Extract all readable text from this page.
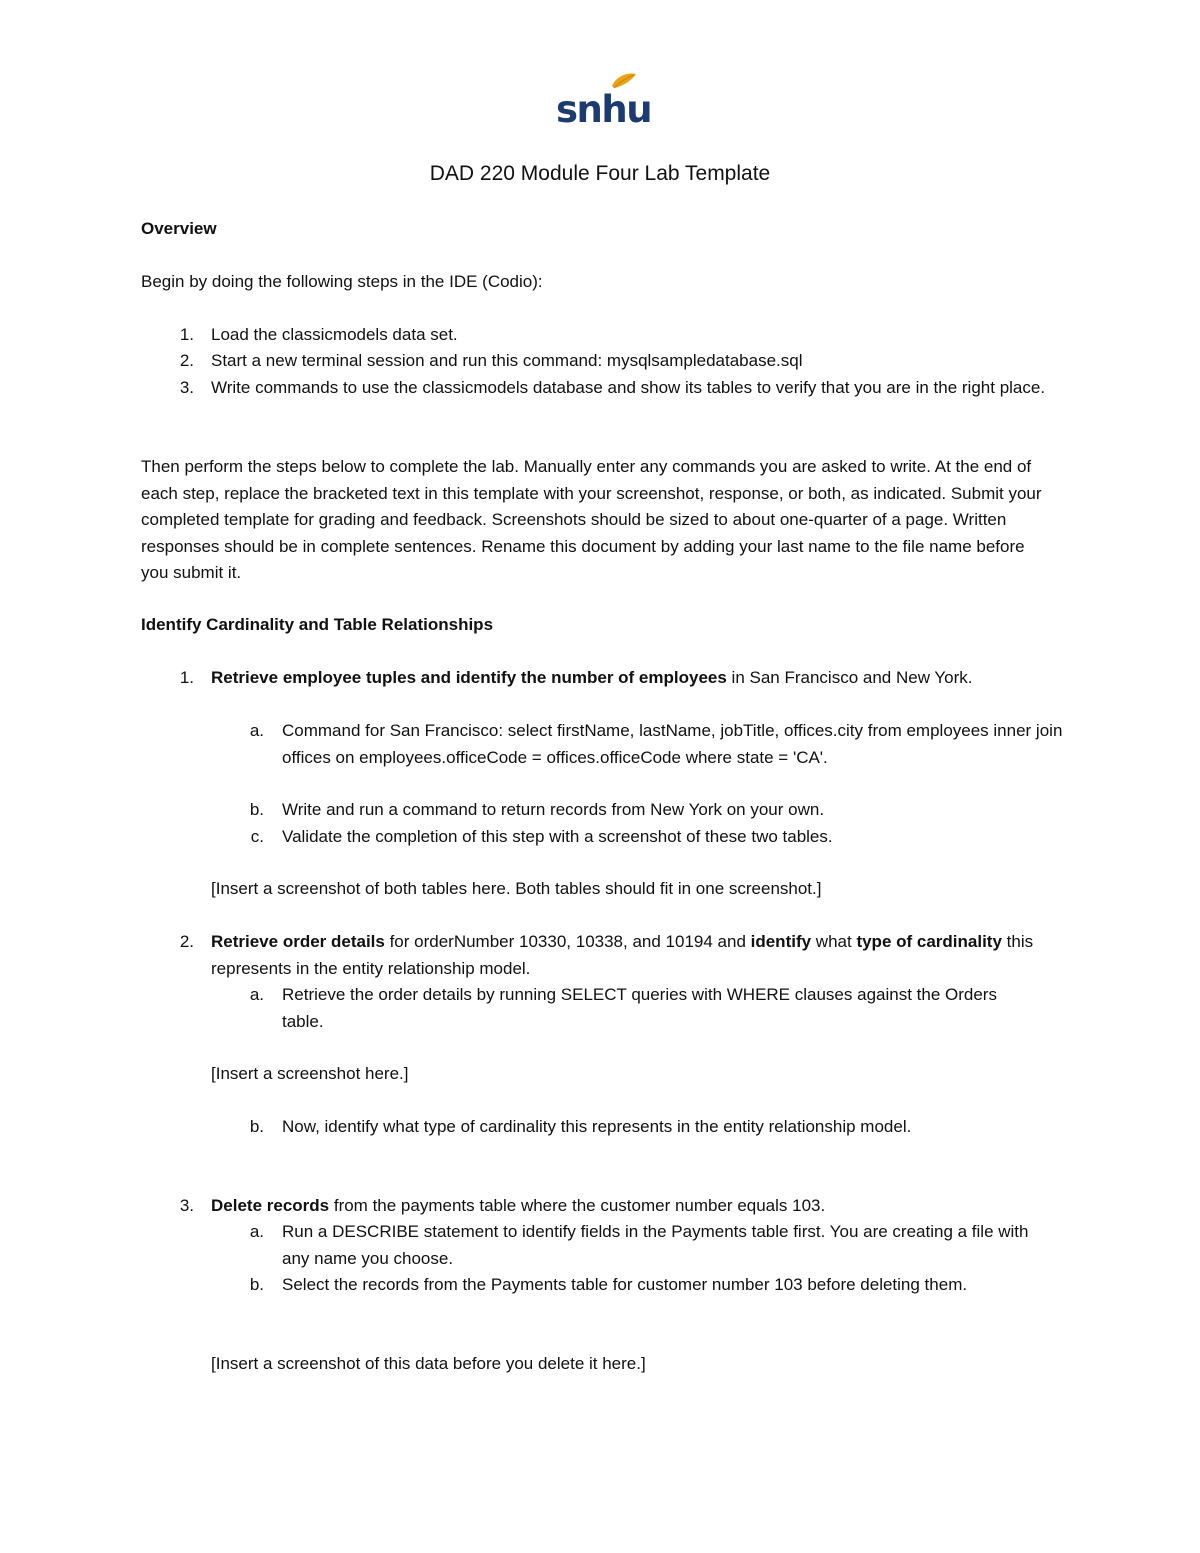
snhu
DAD 220 Module Four Lab Template
Overview
Begin by doing the following steps in the IDE (Codio):
1. Load the classicmodels data set.
2. Start a new terminal session and run this command: mysqlsampledatabase.sql
3. Write commands to use the classicmodels database and show its tables to verify that you are in the right place.
Then perform the steps below to complete the lab. Manually enter any commands you are asked to write. At the end of each step, replace the bracketed text in this template with your screenshot, response, or both, as indicated. Submit your completed template for grading and feedback. Screenshots should be sized to about one-quarter of a page. Written responses should be in complete sentences. Rename this document by adding your last name to the file name before you submit it.
Identify Cardinality and Table Relationships
1. Retrieve employee tuples and identify the number of employees in San Francisco and New York.
a. Command for San Francisco: select firstName, lastName, jobTitle, offices.city from employees inner join offices on employees.officeCode = offices.officeCode where state = 'CA'.
b. Write and run a command to return records from New York on your own.
c. Validate the completion of this step with a screenshot of these two tables.
[Insert a screenshot of both tables here. Both tables should fit in one screenshot.]
2. Retrieve order details for orderNumber 10330, 10338, and 10194 and identify what type of cardinality this represents in the entity relationship model.
a. Retrieve the order details by running SELECT queries with WHERE clauses against the Orders table.
[Insert a screenshot here.]
b. Now, identify what type of cardinality this represents in the entity relationship model.
3. Delete records from the payments table where the customer number equals 103.
a. Run a DESCRIBE statement to identify fields in the Payments table first. You are creating a file with any name you choose.
b. Select the records from the Payments table for customer number 103 before deleting them.
[Insert a screenshot of this data before you delete it here.]
